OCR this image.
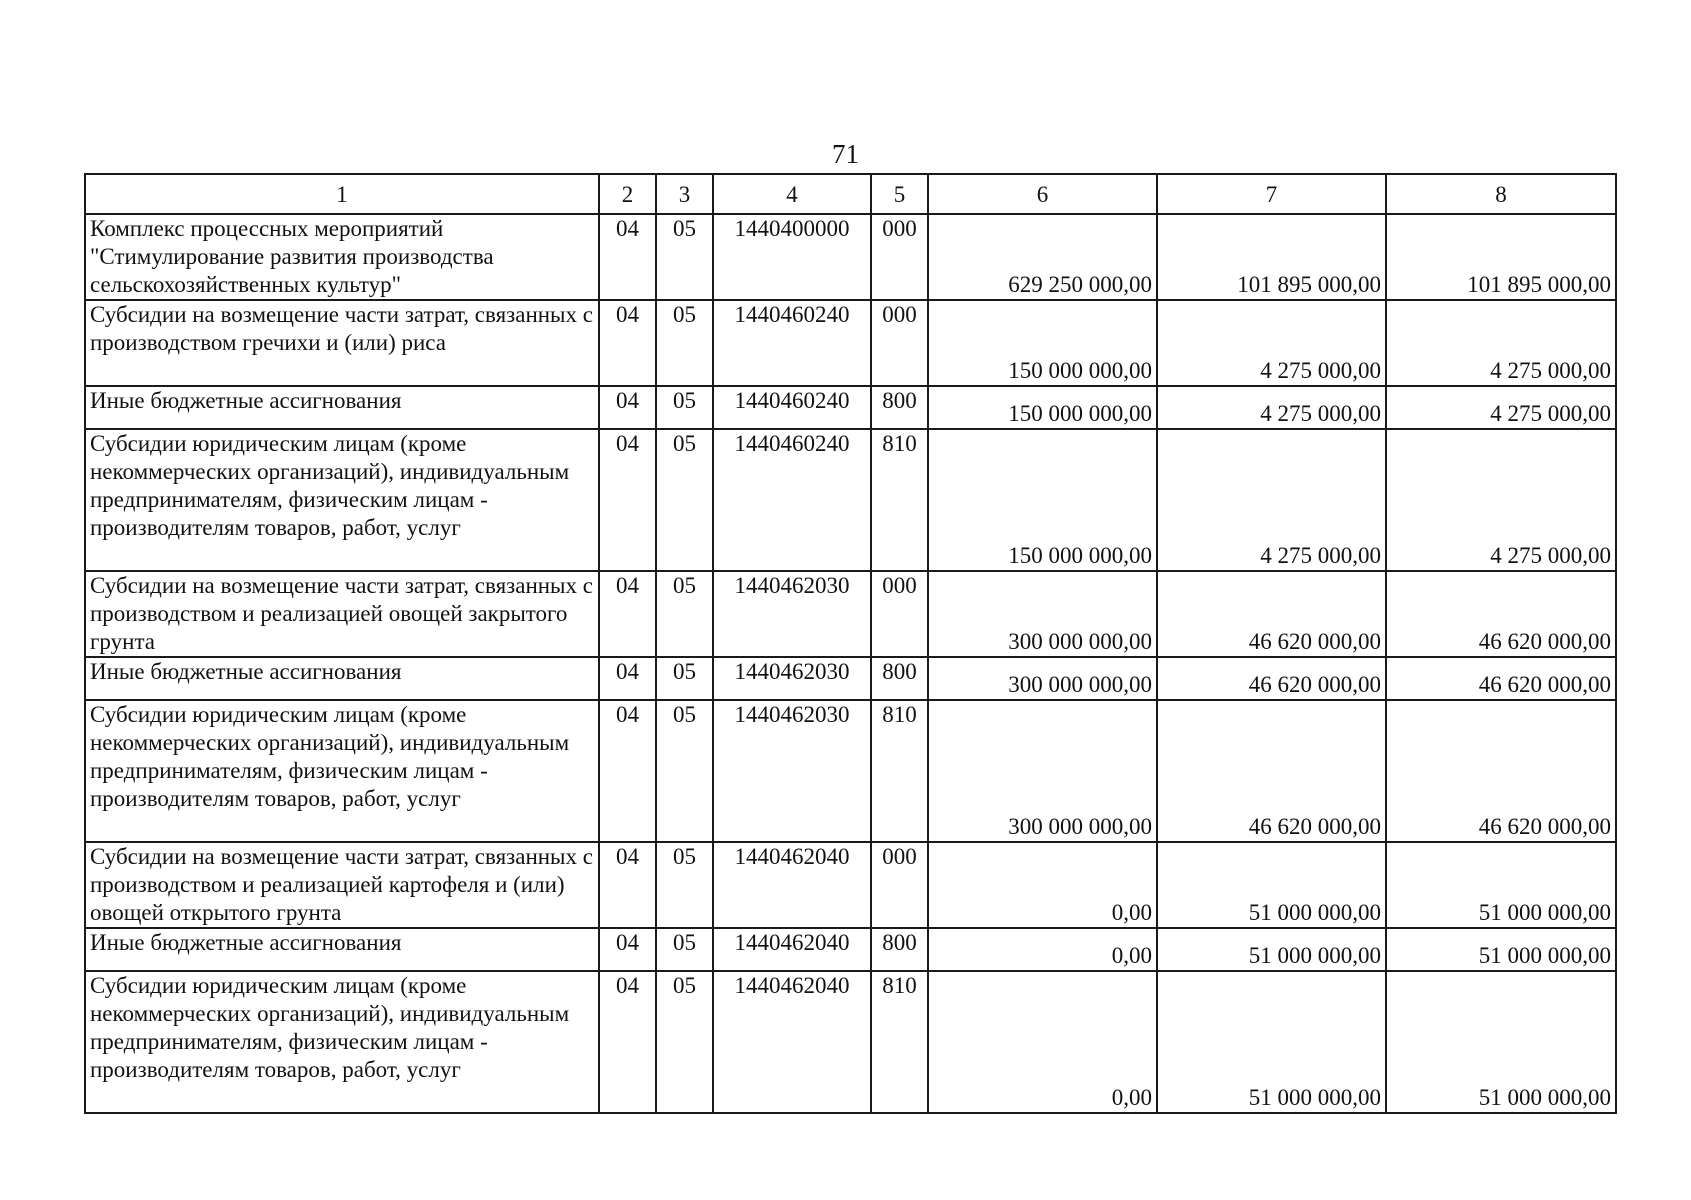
71
1	2	3	4	5	6	7	8
Комплекс процессных мероприятий "Стимулирование развития производства сельскохозяйственных культур"	04	05	1440400000	000	629 250 000,00	101 895 000,00	101 895 000,00
Субсидии на возмещение части затрат, связанных с производством гречихи и (или) риса	04	05	1440460240	000	150 000 000,00	4 275 000,00	4 275 000,00
Иные бюджетные ассигнования	04	05	1440460240	800	150 000 000,00	4 275 000,00	4 275 000,00
Субсидии юридическим лицам (кроме некоммерческих организаций), индивидуальным предпринимателям, физическим лицам - производителям товаров, работ, услуг	04	05	1440460240	810	150 000 000,00	4 275 000,00	4 275 000,00
Субсидии на возмещение части затрат, связанных с производством и реализацией овощей закрытого грунта	04	05	1440462030	000	300 000 000,00	46 620 000,00	46 620 000,00
Иные бюджетные ассигнования	04	05	1440462030	800	300 000 000,00	46 620 000,00	46 620 000,00
Субсидии юридическим лицам (кроме некоммерческих организаций), индивидуальным предпринимателям, физическим лицам - производителям товаров, работ, услуг	04	05	1440462030	810	300 000 000,00	46 620 000,00	46 620 000,00
Субсидии на возмещение части затрат, связанных с производством и реализацией картофеля и (или) овощей открытого грунта	04	05	1440462040	000	0,00	51 000 000,00	51 000 000,00
Иные бюджетные ассигнования	04	05	1440462040	800	0,00	51 000 000,00	51 000 000,00
Субсидии юридическим лицам (кроме некоммерческих организаций), индивидуальным предпринимателям, физическим лицам - производителям товаров, работ, услуг	04	05	1440462040	810	0,00	51 000 000,00	51 000 000,00
